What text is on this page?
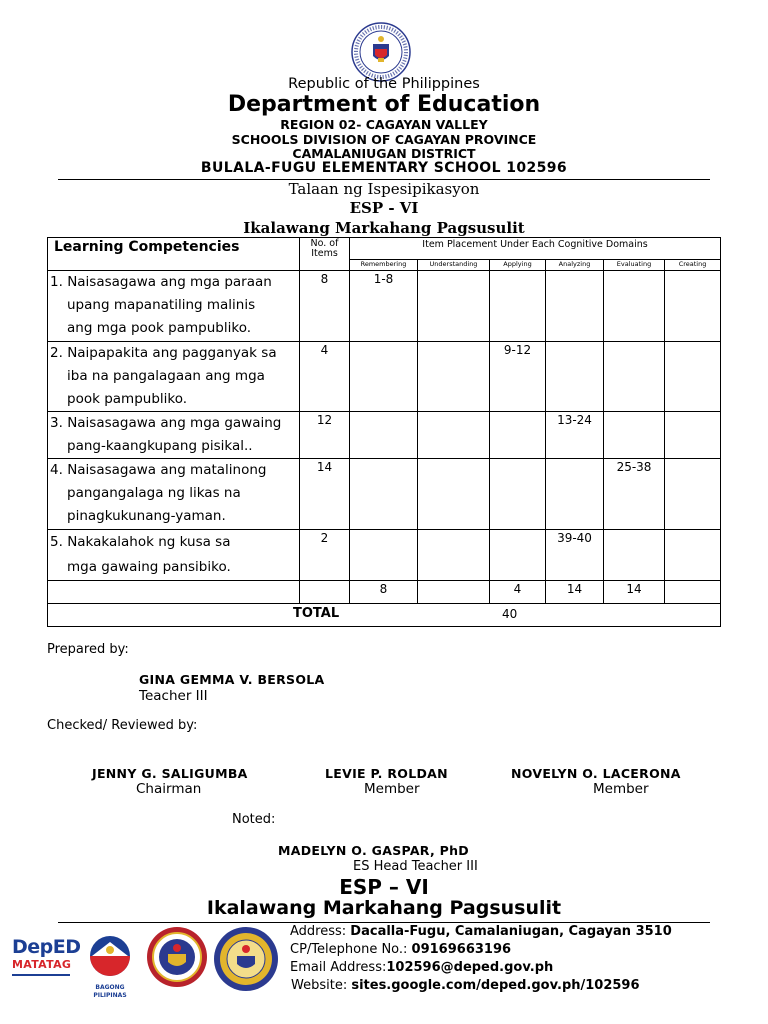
Republic of the Philippines
Department of Education
REGION 02- CAGAYAN VALLEY
SCHOOLS DIVISION OF CAGAYAN PROVINCE
CAMALANIUGAN DISTRICT
BULALA-FUGU ELEMENTARY SCHOOL 102596
Talaan ng Ispesipikasyon
ESP - VI
Ikalawang Markahang Pagsusulit
Learning Competencies	No. of Items	Item Placement Under Each Cognitive Domains					
		Remembering	Understanding	Applying	Analyzing	Evaluating	Creating
1. Naisasagawa ang mga paraan
upang mapanatiling malinis
ang mga pook pampubliko.	8	1-8					
2. Naipapakita ang pagganyak sa
iba na pangalagaan ang mga
pook pampubliko.	4			9-12			
3. Naisasagawa ang mga gawaing
pang-kaangkupang pisikal..	12				13-24		
4. Naisasagawa ang matalinong
pangangalaga ng likas na
pinagkukunang-yaman.	14					25-38	
5. Nakakalahok ng kusa sa
mga gawaing pansibiko.	2				39-40		
		8		4	14	14	

TOTAL 40							
Prepared by:
GINA GEMMA V. BERSOLA
Teacher III
Checked/ Reviewed by:
JENNY G. SALIGUMBA
Chairman
LEVIE P. ROLDAN
Member
NOVELYN O. LACERONA
Member
Noted:
MADELYN O. GASPAR, PhD
ES Head Teacher III
ESP – VI
Ikalawang Markahang Pagsusulit
DepED
MATATAG
BAGONG PILIPINAS
Address: Dacalla-Fugu, Camalaniugan, Cagayan 3510
CP/Telephone No.: 09169663196
Email Address:102596@deped.gov.ph
Website: sites.google.com/deped.gov.ph/102596
